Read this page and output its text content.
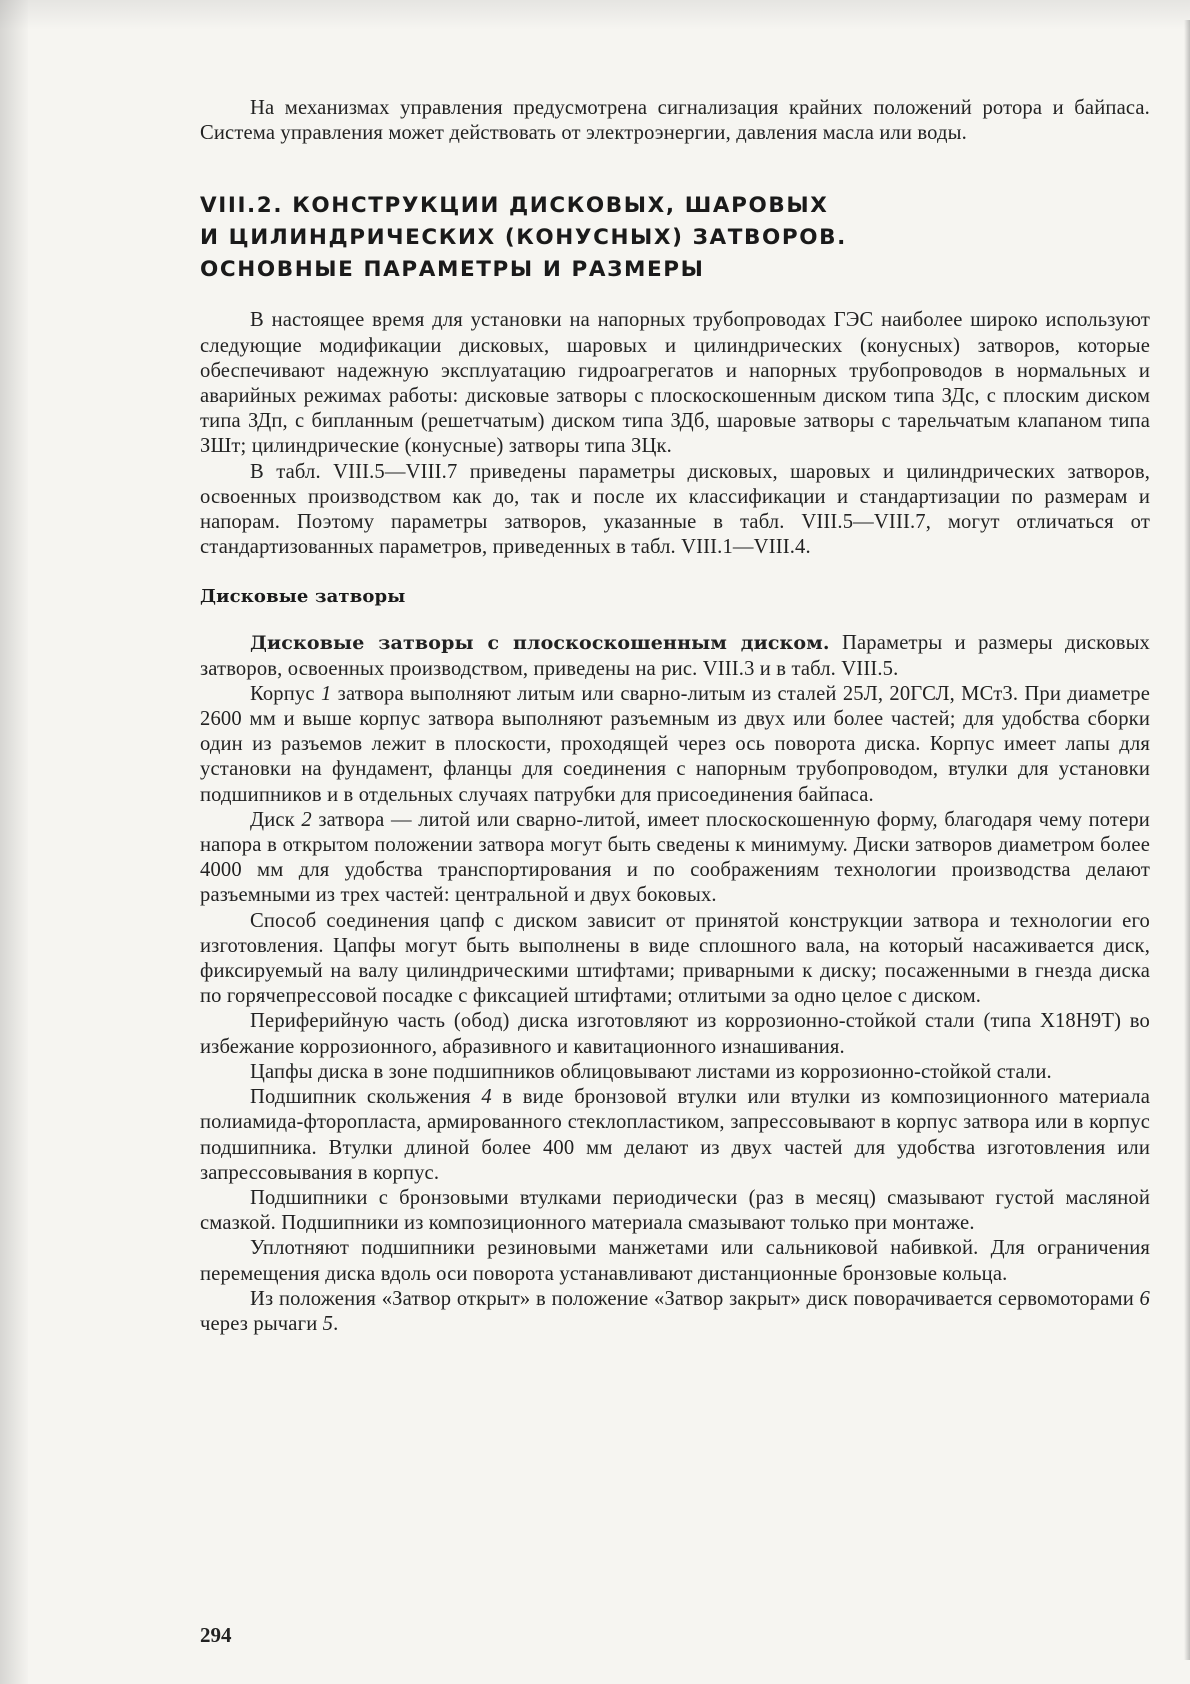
На механизмах управления предусмотрена сигнализация крайних положений ротора и байпаса. Система управления может действовать от электроэнергии, давления масла или воды.

VIII.2. КОНСТРУКЦИИ ДИСКОВЫХ, ШАРОВЫХ
И ЦИЛИНДРИЧЕСКИХ (КОНУСНЫХ) ЗАТВОРОВ.
ОСНОВНЫЕ ПАРАМЕТРЫ И РАЗМЕРЫ

В настоящее время для установки на напорных трубопроводах ГЭС наиболее широко используют следующие модификации дисковых, шаровых и цилиндрических (конусных) затворов, которые обеспечивают надежную эксплуатацию гидроагрегатов и напорных трубопроводов в нормальных и аварийных режимах работы: дисковые затворы с плоскоскошенным диском типа ЗДс, с плоским диском типа ЗДп, с бипланным (решетчатым) диском типа ЗДб, шаровые затворы с тарельчатым клапаном типа ЗШт; цилиндрические (конусные) затворы типа ЗЦк.

В табл. VIII.5—VIII.7 приведены параметры дисковых, шаровых и цилиндрических затворов, освоенных производством как до, так и после их классификации и стандартизации по размерам и напорам. Поэтому параметры затворов, указанные в табл. VIII.5—VIII.7, могут отличаться от стандартизованных параметров, приведенных в табл. VIII.1—VIII.4.

Дисковые затворы

Дисковые затворы с плоскоскошенным диском. Параметры и размеры дисковых затворов, освоенных производством, приведены на рис. VIII.3 и в табл. VIII.5.

Корпус 1 затвора выполняют литым или сварно-литым из сталей 25Л, 20ГСЛ, МСт3. При диаметре 2600 мм и выше корпус затвора выполняют разъемным из двух или более частей; для удобства сборки один из разъемов лежит в плоскости, проходящей через ось поворота диска. Корпус имеет лапы для установки на фундамент, фланцы для соединения с напорным трубопроводом, втулки для установки подшипников и в отдельных случаях патрубки для присоединения байпаса.

Диск 2 затвора — литой или сварно-литой, имеет плоскоскошенную форму, благодаря чему потери напора в открытом положении затвора могут быть сведены к минимуму. Диски затворов диаметром более 4000 мм для удобства транспортирования и по соображениям технологии производства делают разъемными из трех частей: центральной и двух боковых.

Способ соединения цапф с диском зависит от принятой конструкции затвора и технологии его изготовления. Цапфы могут быть выполнены в виде сплошного вала, на который насаживается диск, фиксируемый на валу цилиндрическими штифтами; приварными к диску; посаженными в гнезда диска по горячепрессовой посадке с фиксацией штифтами; отлитыми за одно целое с диском.

Периферийную часть (обод) диска изготовляют из коррозионно-стойкой стали (типа Х18Н9Т) во избежание коррозионного, абразивного и кавитационного изнашивания.

Цапфы диска в зоне подшипников облицовывают листами из коррозионно-стойкой стали.

Подшипник скольжения 4 в виде бронзовой втулки или втулки из композиционного материала полиамида-фторопласта, армированного стеклопластиком, запрессовывают в корпус затвора или в корпус подшипника. Втулки длиной более 400 мм делают из двух частей для удобства изготовления или запрессовывания в корпус.

Подшипники с бронзовыми втулками периодически (раз в месяц) смазывают густой масляной смазкой. Подшипники из композиционного материала смазывают только при монтаже.

Уплотняют подшипники резиновыми манжетами или сальниковой набивкой. Для ограничения перемещения диска вдоль оси поворота устанавливают дистанционные бронзовые кольца.

Из положения «Затвор открыт» в положение «Затвор закрыт» диск поворачивается сервомоторами 6 через рычаги 5.

294
